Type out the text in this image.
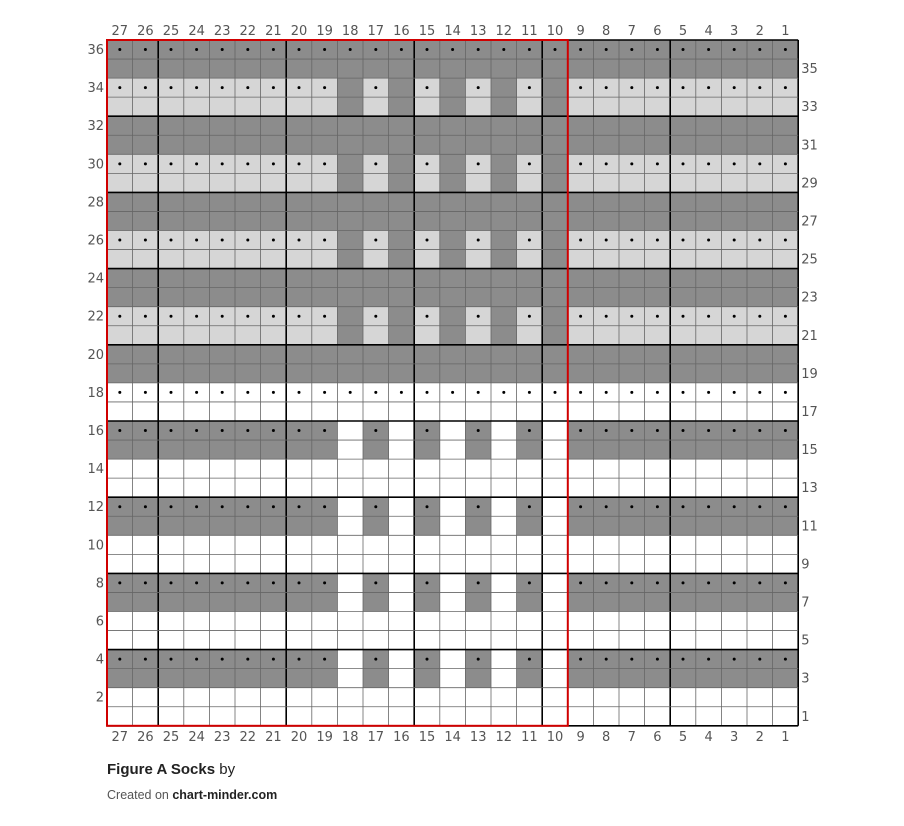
27
27
26
26
25
25
24
24
23
23
22
22
21
21
20
20
19
19
18
18
17
17
16
16
15
15
14
14
13
13
12
12
11
11
10
10
9
9
8
8
7
7
6
6
5
5
4
4
3
3
2
2
1
1
36
34
32
30
28
26
24
22
20
18
16
14
12
10
8
6
4
2
35
33
31
29
27
25
23
21
19
17
15
13
11
9
7
5
3
1
Figure A Socks by
Created on chart-minder.com
